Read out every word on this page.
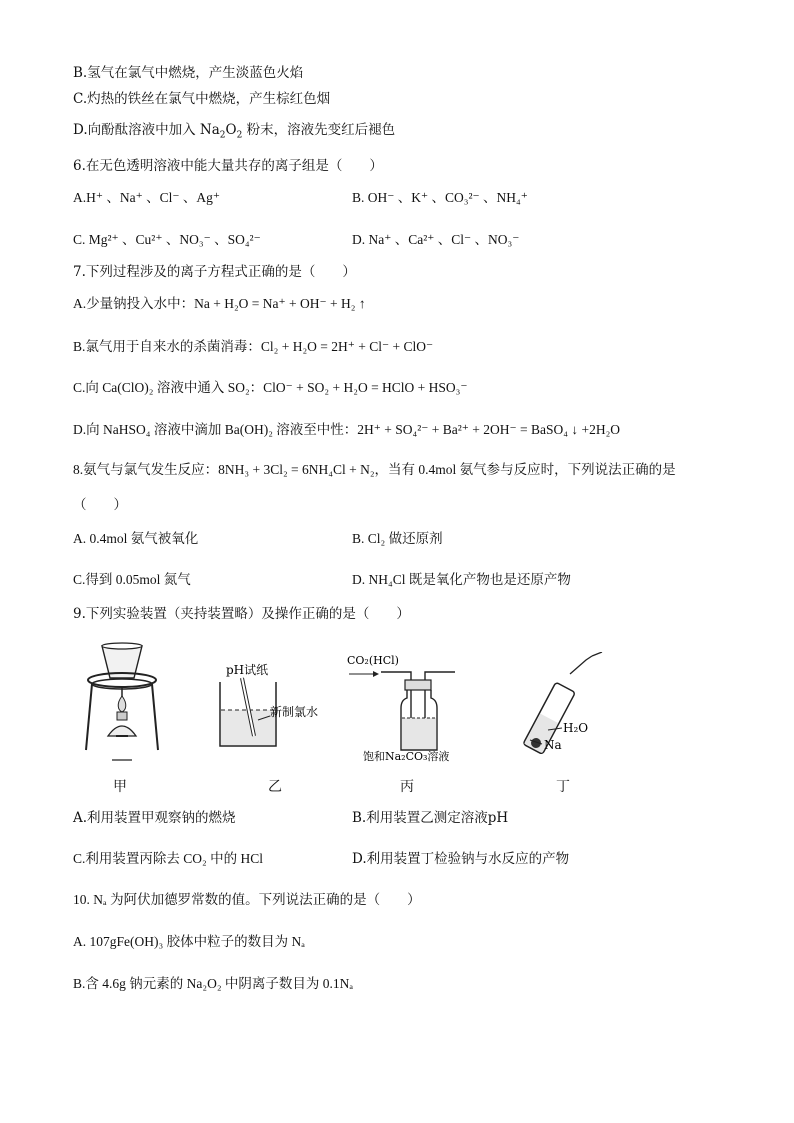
B.氢气在氯气中燃烧，产生淡蓝色火焰
C.灼热的铁丝在氯气中燃烧，产生棕红色烟
D.向酚酞溶液中加入 $Na_2O_2$ 粉末，溶液先变红后褪色
6.在无色透明溶液中能大量共存的离子组是（　　）
A.H⁺ 、Na⁺ 、Cl⁻ 、Ag⁺	B. OH⁻ 、K⁺ 、CO₃²⁻ 、NH₄⁺
C. Mg²⁺ 、Cu²⁺ 、NO₃⁻ 、SO₄²⁻	D. Na⁺ 、Ca²⁺ 、Cl⁻ 、NO₃⁻
7.下列过程涉及的离子方程式正确的是（　　）
A.少量钠投入水中：Na + H₂O = Na⁺ + OH⁻ + H₂ ↑
B.氯气用于自来水的杀菌消毒：Cl₂ + H₂O = 2H⁺ + Cl⁻ + ClO⁻
C.向 Ca(ClO)₂ 溶液中通入 SO₂：ClO⁻ + SO₂ + H₂O = HClO + HSO₃⁻
D.向 NaHSO₄ 溶液中滴加 Ba(OH)₂ 溶液至中性：2H⁺ + SO₄²⁻ + Ba²⁺ + 2OH⁻ = BaSO₄ ↓ +2H₂O
8.氨气与氯气发生反应：8NH₃ + 3Cl₂ = 6NH₄Cl + N₂，当有 0.4mol 氨气参与反应时，下列说法正确的是
（　　）
A. 0.4mol 氨气被氧化	B. Cl₂ 做还原剂
C.得到 0.05mol 氮气	D. NH₄Cl 既是氧化产物也是还原产物
9.下列实验装置（夹持装置略）及操作正确的是（　　）
pH试纸
新制氯水
CO₂(HCl)
饱和Na₂CO₃溶液
H₂O
Na
甲	乙	丙	丁
A.利用装置甲观察钠的燃烧	B.利用装置乙测定溶液pH
C.利用装置丙除去 CO₂ 中的 HCl	D.利用装置丁检验钠与水反应的产物
10. Nₐ 为阿伏加德罗常数的值。下列说法正确的是（　　）
A. 107gFe(OH)₃ 胶体中粒子的数目为 Nₐ
B.含 4.6g 钠元素的 Na₂O₂ 中阴离子数目为 0.1Nₐ
